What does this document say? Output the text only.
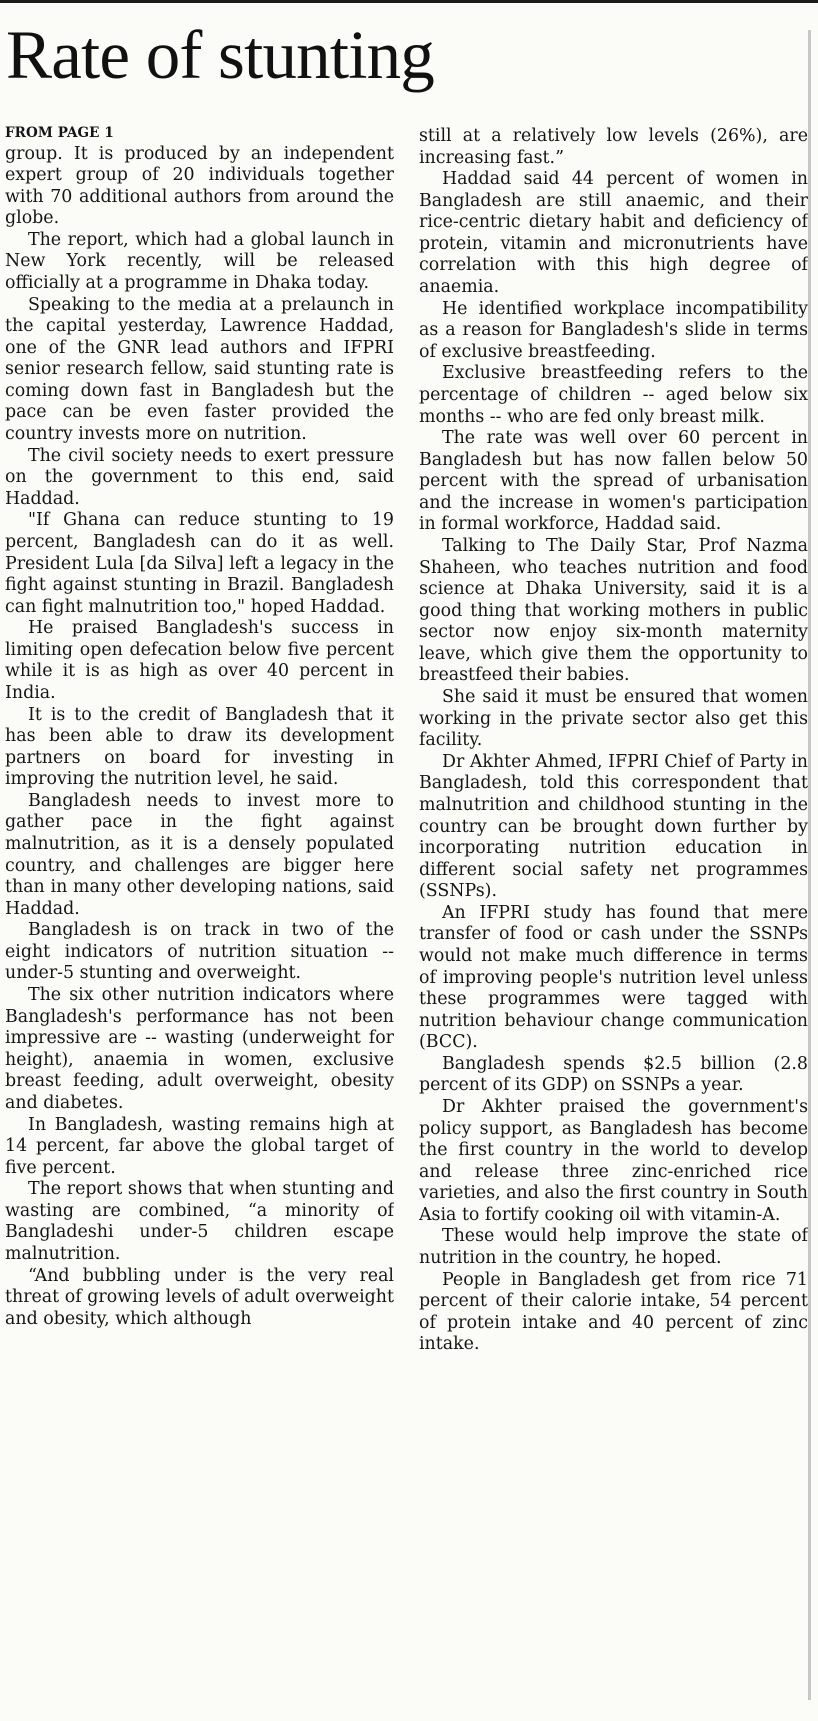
Rate of stunting
FROM PAGE 1

group. It is produced by an independent expert group of 20 individuals together with 70 additional authors from around the globe.

The report, which had a global launch in New York recently, will be released officially at a programme in Dhaka today.

Speaking to the media at a prelaunch in the capital yesterday, Lawrence Haddad, one of the GNR lead authors and IFPRI senior research fellow, said stunting rate is coming down fast in Bangladesh but the pace can be even faster provided the country invests more on nutrition.

The civil society needs to exert pressure on the government to this end, said Haddad.

"If Ghana can reduce stunting to 19 percent, Bangladesh can do it as well. President Lula [da Silva] left a legacy in the fight against stunting in Brazil. Bangladesh can fight malnutrition too," hoped Haddad.

He praised Bangladesh's success in limiting open defecation below five percent while it is as high as over 40 percent in India.

It is to the credit of Bangladesh that it has been able to draw its development partners on board for investing in improving the nutrition level, he said.

Bangladesh needs to invest more to gather pace in the fight against malnutrition, as it is a densely populated country, and challenges are bigger here than in many other developing nations, said Haddad.

Bangladesh is on track in two of the eight indicators of nutrition situation -- under-5 stunting and overweight.

The six other nutrition indicators where Bangladesh's performance has not been impressive are -- wasting (underweight for height), anaemia in women, exclusive breast feeding, adult overweight, obesity and diabetes.

In Bangladesh, wasting remains high at 14 percent, far above the global target of five percent.

The report shows that when stunting and wasting are combined, “a minority of Bangladeshi under-5 children escape malnutrition.

“And bubbling under is the very real threat of growing levels of adult overweight and obesity, which although

still at a relatively low levels (26%), are increasing fast.”

Haddad said 44 percent of women in Bangladesh are still anaemic, and their rice-centric dietary habit and deficiency of protein, vitamin and micronutrients have correlation with this high degree of anaemia.

He identified workplace incompatibility as a reason for Bangladesh's slide in terms of exclusive breastfeeding.

Exclusive breastfeeding refers to the percentage of children -- aged below six months -- who are fed only breast milk.

The rate was well over 60 percent in Bangladesh but has now fallen below 50 percent with the spread of urbanisation and the increase in women's participation in formal workforce, Haddad said.

Talking to The Daily Star, Prof Nazma Shaheen, who teaches nutrition and food science at Dhaka University, said it is a good thing that working mothers in public sector now enjoy six-month maternity leave, which give them the opportunity to breastfeed their babies.

She said it must be ensured that women working in the private sector also get this facility.

Dr Akhter Ahmed, IFPRI Chief of Party in Bangladesh, told this correspondent that malnutrition and childhood stunting in the country can be brought down further by incorporating nutrition education in different social safety net programmes (SSNPs).

An IFPRI study has found that mere transfer of food or cash under the SSNPs would not make much difference in terms of improving people's nutrition level unless these programmes were tagged with nutrition behaviour change communication (BCC).

Bangladesh spends $2.5 billion (2.8 percent of its GDP) on SSNPs a year.

Dr Akhter praised the government's policy support, as Bangladesh has become the first country in the world to develop and release three zinc-enriched rice varieties, and also the first country in South Asia to fortify cooking oil with vitamin-A.

These would help improve the state of nutrition in the country, he hoped.

People in Bangladesh get from rice 71 percent of their calorie intake, 54 percent of protein intake and 40 percent of zinc intake.
